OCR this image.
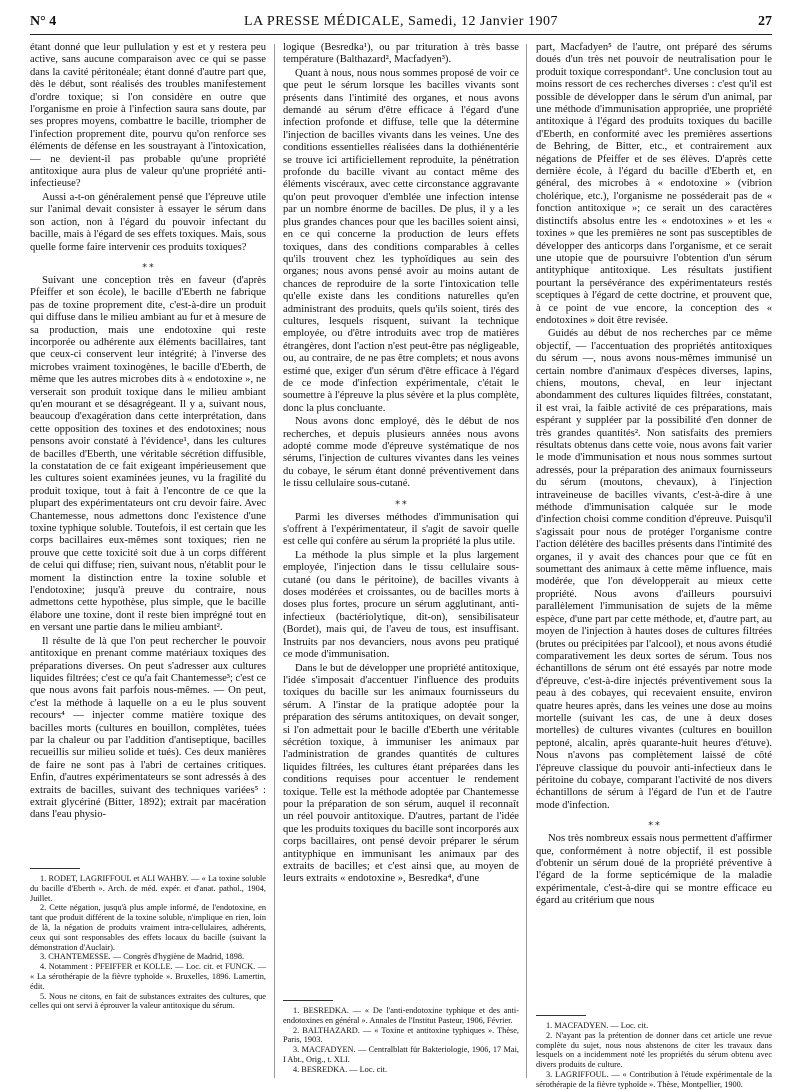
N° 4	LA PRESSE MÉDICALE, Samedi, 12 Janvier 1907	27

étant donné que leur pullulation y est et y restera peu active, sans aucune comparaison avec ce qui se passe dans la cavité péritonéale; étant donné d'autre part que, dès le début, sont réalisés des troubles manifestement d'ordre toxique; si l'on considère en outre que l'organisme en proie à l'infection saura sans doute, par ses propres moyens, combattre le bacille, triompher de l'infection proprement dite, pourvu qu'on renforce ses éléments de défense en les soustrayant à l'intoxication, — ne devient-il pas probable qu'une propriété antitoxique aura plus de valeur qu'une propriété anti-infectieuse?

Aussi a-t-on généralement pensé que l'épreuve utile sur l'animal devait consister à essayer le sérum dans son action, non à l'égard du pouvoir infectant du bacille, mais à l'égard de ses effets toxiques. Mais, sous quelle forme faire intervenir ces produits toxiques?

⁎ ⁎

Suivant une conception très en faveur (d'après Pfeiffer et son école), le bacille d'Eberth ne fabrique pas de toxine proprement dite, c'est-à-dire un produit qui diffuse dans le milieu ambiant au fur et à mesure de sa production, mais une endotoxine qui reste incorporée ou adhérente aux éléments bacillaires, tant que ceux-ci conservent leur intégrité; à l'inverse des microbes vraiment toxinogènes, le bacille d'Eberth, de même que les autres microbes dits à « endotoxine », ne verserait son produit toxique dans le milieu ambiant qu'en mourant et se désagrégeant. Il y a, suivant nous, beaucoup d'exagération dans cette interprétation, dans cette opposition des toxines et des endotoxines; nous pensons avoir constaté à l'évidence¹, dans les cultures de bacilles d'Eberth, une véritable sécrétion diffusible, la constatation de ce fait exigeant impérieusement que les cultures soient examinées jeunes, vu la fragilité du produit toxique, tout à fait à l'encontre de ce que la plupart des expérimentateurs ont cru devoir faire. Avec Chantemesse, nous admettons donc l'existence d'une toxine typhique soluble. Toutefois, il est certain que les corps bacillaires eux-mêmes sont toxiques; rien ne prouve que cette toxicité soit due à un corps différent de celui qui diffuse; rien, suivant nous, n'établit pour le moment la distinction entre la toxine soluble et l'endotoxine; jusqu'à preuve du contraire, nous admettons cette hypothèse, plus simple, que le bacille élabore une toxine, dont il reste bien imprégné tout en en versant une partie dans le milieu ambiant².

Il résulte de là que l'on peut rechercher le pouvoir antitoxique en prenant comme matériaux toxiques des préparations diverses. On peut s'adresser aux cultures liquides filtrées; c'est ce qu'a fait Chantemesse³; c'est ce que nous avons fait parfois nous-mêmes. — On peut, c'est la méthode à laquelle on a eu le plus souvent recours⁴ — injecter comme matière toxique des bacilles morts (cultures en bouillon, complètes, tuées par la chaleur ou par l'addition d'antiseptique, bacilles recueillis sur milieu solide et tués). Ces deux manières de faire ne sont pas à l'abri de certaines critiques. Enfin, d'autres expérimentateurs se sont adressés à des extraits de bacilles, suivant des techniques variées⁵ : extrait glycériné (Bitter, 1892); extrait par macération dans l'eau physio-

logique (Besredka¹), ou par trituration à très basse température (Balthazard², Macfadyen³).

Quant à nous, nous nous sommes proposé de voir ce que peut le sérum lorsque les bacilles vivants sont présents dans l'intimité des organes, et nous avons demandé au sérum d'être efficace à l'égard d'une infection profonde et diffuse, telle que la détermine l'injection de bacilles vivants dans les veines. Une des conditions essentielles réalisées dans la dothiénentérie se trouve ici artificiellement reproduite, la pénétration profonde du bacille vivant au contact même des éléments viscéraux, avec cette circonstance aggravante qu'on peut provoquer d'emblée une infection intense par un nombre énorme de bacilles. De plus, il y a les plus grandes chances pour que les bacilles soient ainsi, en ce qui concerne la production de leurs effets toxiques, dans des conditions comparables à celles qu'ils trouvent chez les typhoïdiques au sein des organes; nous avons pensé avoir au moins autant de chances de reproduire de la sorte l'intoxication telle qu'elle existe dans les conditions naturelles qu'en administrant des produits, quels qu'ils soient, tirés des cultures, lesquels risquent, suivant la technique employée, ou d'être introduits avec trop de matières étrangères, dont l'action n'est peut-être pas négligeable, ou, au contraire, de ne pas être complets; et nous avons estimé que, exiger d'un sérum d'être efficace à l'égard de ce mode d'infection expérimentale, c'était le soumettre à l'épreuve la plus sévère et la plus complète, donc la plus concluante.

Nous avons donc employé, dès le début de nos recherches, et depuis plusieurs années nous avons adopté comme mode d'épreuve systématique de nos sérums, l'injection de cultures vivantes dans les veines du cobaye, le sérum étant donné préventivement dans le tissu cellulaire sous-cutané.

⁎ ⁎

Parmi les diverses méthodes d'immunisation qui s'offrent à l'expérimentateur, il s'agit de savoir quelle est celle qui confère au sérum la propriété la plus utile.

La méthode la plus simple et la plus largement employée, l'injection dans le tissu cellulaire sous-cutané (ou dans le péritoine), de bacilles vivants à doses modérées et croissantes, ou de bacilles morts à doses plus fortes, procure un sérum agglutinant, anti-infectieux (bactériolytique, dit-on), sensibilisateur (Bordet), mais qui, de l'aveu de tous, est insuffisant. Instruits par nos devanciers, nous avons peu pratiqué ce mode d'immunisation.

Dans le but de développer une propriété antitoxique, l'idée s'imposait d'accentuer l'influence des produits toxiques du bacille sur les animaux fournisseurs du sérum. A l'instar de la pratique adoptée pour la préparation des sérums antitoxiques, on devait songer, si l'on admettait pour le bacille d'Eberth une véritable sécrétion toxique, à immuniser les animaux par l'administration de grandes quantités de cultures liquides filtrées, les cultures étant préparées dans les conditions requises pour accentuer le rendement toxique. Telle est la méthode adoptée par Chantemesse pour la préparation de son sérum, auquel il reconnaît un réel pouvoir antitoxique. D'autres, partant de l'idée que les produits toxiques du bacille sont incorporés aux corps bacillaires, ont pensé devoir préparer le sérum antityphique en immunisant les animaux par des extraits de bacilles; et c'est ainsi que, au moyen de leurs extraits « endotoxine », Besredka⁴, d'une

part, Macfadyen⁵ de l'autre, ont préparé des sérums doués d'un très net pouvoir de neutralisation pour le produit toxique correspondant⁶. Une conclusion tout au moins ressort de ces recherches diverses : c'est qu'il est possible de développer dans le sérum d'un animal, par une méthode d'immunisation appropriée, une propriété antitoxique à l'égard des produits toxiques du bacille d'Eberth, en conformité avec les premières assertions de Behring, de Bitter, etc., et contrairement aux négations de Pfeiffer et de ses élèves. D'après cette dernière école, à l'égard du bacille d'Eberth et, en général, des microbes à « endotoxine » (vibrion cholérique, etc.), l'organisme ne posséderait pas de « fonction antitoxique »; ce serait un des caractères distinctifs absolus entre les « endotoxines » et les « toxines » que les premières ne sont pas susceptibles de développer des anticorps dans l'organisme, et ce serait une utopie que de poursuivre l'obtention d'un sérum antityphique antitoxique. Les résultats justifient pourtant la persévérance des expérimentateurs restés sceptiques à l'égard de cette doctrine, et prouvent que, à ce point de vue encore, la conception des « endotoxines » doit être revisée.

Guidés au début de nos recherches par ce même objectif, — l'accentuation des propriétés antitoxiques du sérum —, nous avons nous-mêmes immunisé un certain nombre d'animaux d'espèces diverses, lapins, chiens, moutons, cheval, en leur injectant abondamment des cultures liquides filtrées, constatant, il est vrai, la faible activité de ces préparations, mais espérant y suppléer par la possibilité d'en donner de très grandes quantités². Non satisfaits des premiers résultats obtenus dans cette voie, nous avons fait varier le mode d'immunisation et nous nous sommes surtout adressés, pour la préparation des animaux fournisseurs du sérum (moutons, chevaux), à l'injection intraveineuse de bacilles vivants, c'est-à-dire à une méthode d'immunisation calquée sur le mode d'infection choisi comme condition d'épreuve. Puisqu'il s'agissait pour nous de protéger l'organisme contre l'action délétère des bacilles présents dans l'intimité des organes, il y avait des chances pour que ce fût en soumettant des animaux à cette même influence, mais modérée, que l'on développerait au mieux cette propriété. Nous avons d'ailleurs poursuivi parallèlement l'immunisation de sujets de la même espèce, d'une part par cette méthode, et, d'autre part, au moyen de l'injection à hautes doses de cultures filtrées (brutes ou précipitées par l'alcool), et nous avons étudié comparativement les deux sortes de sérum. Tous nos échantillons de sérum ont été essayés par notre mode d'épreuve, c'est-à-dire injectés préventivement sous la peau à des cobayes, qui recevaient ensuite, environ quatre heures après, dans les veines une dose au moins mortelle (suivant les cas, de une à deux doses mortelles) de cultures vivantes (cultures en bouillon peptoné, alcalin, après quarante-huit heures d'étuve). Nous n'avons pas complètement laissé de côté l'épreuve classique du pouvoir anti-infectieux dans le péritoine du cobaye, comparant l'activité de nos divers échantillons de sérum à l'égard de l'un et de l'autre mode d'infection.

⁎ ⁎

Nos très nombreux essais nous permettent d'affirmer que, conformément à notre objectif, il est possible d'obtenir un sérum doué de la propriété préventive à l'égard de la forme septicémique de la maladie expérimentale, c'est-à-dire qui se montre efficace eu égard au critérium que nous

1. RODET, LAGRIFFOUL et ALI WAHBY. — « La toxine soluble du bacille d'Eberth ». Arch. de méd. expér. et d'anat. pathol., 1904, Juillet.

2. Cette négation, jusqu'à plus ample informé, de l'endotoxine, en tant que produit différent de la toxine soluble, n'implique en rien, loin de là, la négation de produits vraiment intra-cellulaires, adhérents, ceux qui sont responsables des effets locaux du bacille (suivant la démonstration d'Auclair).

3. CHANTEMESSE. — Congrès d'hygiène de Madrid, 1898.

4. Notamment : PFEIFFER et KOLLE. — Loc. cit. et FUNCK. — « La sérothérapie de la fièvre typhoïde ». Bruxelles, 1896. Lamertin, édit.

5. Nous ne citons, en fait de substances extraites des cultures, que celles qui ont servi à éprouver la valeur antitoxique du sérum.

1. BESREDKA. — « De l'anti-endotoxine typhique et des anti-endotoxines en général ». Annales de l'Institut Pasteur, 1906, Février.

2. BALTHAZARD. — « Toxine et antitoxine typhiques ». Thèse, Paris, 1903.

3. MACFADYEN. — Centralblatt für Bakteriologie, 1906, 17 Mai, I Abt., Orig., t. XLI.

4. BESREDKA. — Loc. cit.

1. MACFADYEN. — Loc. cit.

2. N'ayant pas la prétention de donner dans cet article une revue complète du sujet, nous nous abstenons de citer les travaux dans lesquels on a incidemment noté les propriétés du sérum obtenu avec divers produits de culture.

3. LAGRIFFOUL. — « Contribution à l'étude expérimentale de la sérothérapie de la fièvre typhoïde ». Thèse, Montpellier, 1900.
